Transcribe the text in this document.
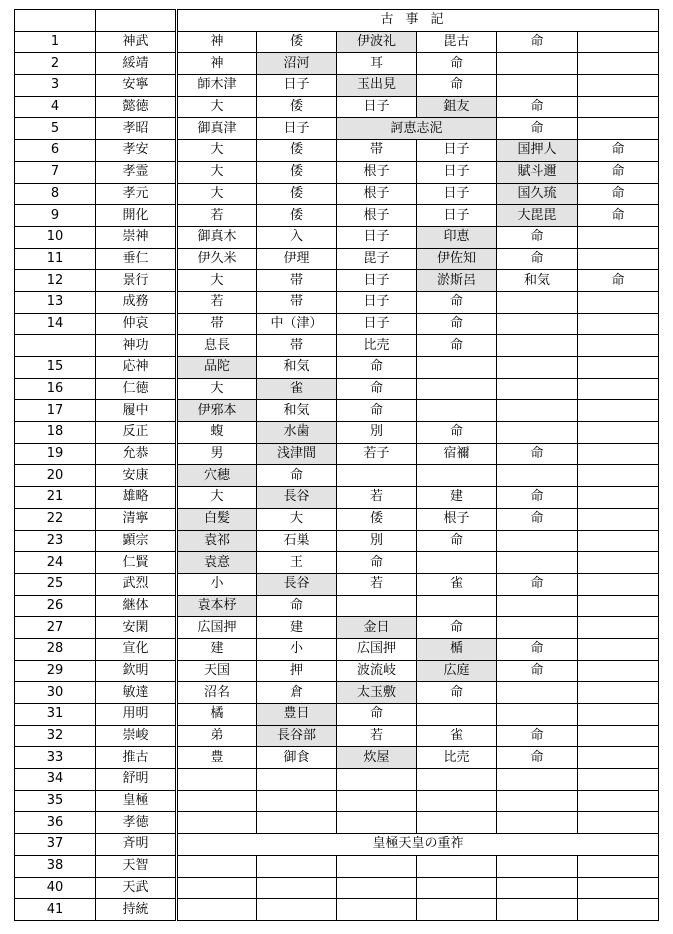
		古事記					
1	神武	神	倭	伊波礼	毘古	命	
2	綏靖	神	沼河	耳	命		
3	安寧	師木津	日子	玉出見	命		
4	懿徳	大	倭	日子	鉏友	命	
5	孝昭	御真津	日子	訶恵志泥		命	
6	孝安	大	倭	帯	日子	国押人	命
7	孝霊	大	倭	根子	日子	賦斗邇	命
8	孝元	大	倭	根子	日子	国久琉	命
9	開化	若	倭	根子	日子	大毘毘	命
10	崇神	御真木	入	日子	印恵	命	
11	垂仁	伊久米	伊理	毘子	伊佐知	命	
12	景行	大	帯	日子	淤斯呂	和気	命
13	成務	若	帯	日子	命		
14	仲哀	帯	中（津）	日子	命		
	神功	息長	帯	比売	命		
15	応神	品陀	和気	命			
16	仁徳	大	雀	命			
17	履中	伊邪本	和気	命			
18	反正	蝮	水歯	別	命		
19	允恭	男	浅津間	若子	宿禰	命	
20	安康	穴穂	命				
21	雄略	大	長谷	若	建	命	
22	清寧	白髪	大	倭	根子	命	
23	顕宗	袁祁	石巣	別	命		
24	仁賢	袁意	王	命			
25	武烈	小	長谷	若	雀	命	
26	継体	袁本杼	命				
27	安閑	広国押	建	金日	命		
28	宣化	建	小	広国押	楯	命	
29	欽明	天国	押	波流岐	広庭	命	
30	敏達	沼名	倉	太玉敷	命		
31	用明	橘	豊日	命			
32	崇峻	弟	長谷部	若	雀	命	
33	推古	豊	御食	炊屋	比売	命	
34	舒明						
35	皇極						
36	孝徳						
37	斉明	皇極天皇の重祚					
38	天智						
40	天武						
41	持統						
